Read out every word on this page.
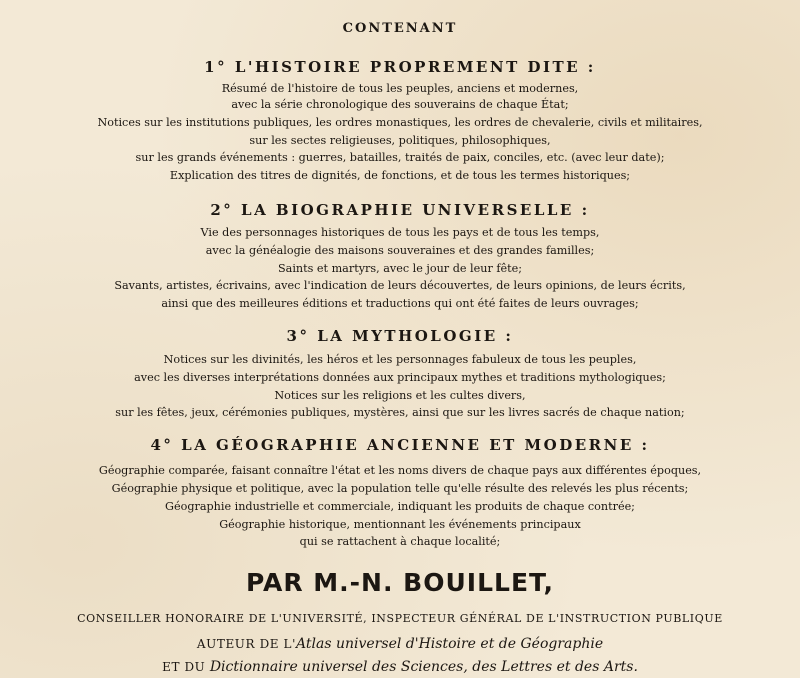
CONTENANT
1° L'HISTOIRE PROPREMENT DITE :
Résumé de l'histoire de tous les peuples, anciens et modernes,
avec la série chronologique des souverains de chaque État;
Notices sur les institutions publiques, les ordres monastiques, les ordres de chevalerie, civils et militaires,
sur les sectes religieuses, politiques, philosophiques,
sur les grands événements : guerres, batailles, traités de paix, conciles, etc. (avec leur date);
Explication des titres de dignités, de fonctions, et de tous les termes historiques;
2° LA BIOGRAPHIE UNIVERSELLE :
Vie des personnages historiques de tous les pays et de tous les temps,
avec la généalogie des maisons souveraines et des grandes familles;
Saints et martyrs, avec le jour de leur fête;
Savants, artistes, écrivains, avec l'indication de leurs découvertes, de leurs opinions, de leurs écrits,
ainsi que des meilleures éditions et traductions qui ont été faites de leurs ouvrages;
3° LA MYTHOLOGIE :
Notices sur les divinités, les héros et les personnages fabuleux de tous les peuples,
avec les diverses interprétations données aux principaux mythes et traditions mythologiques;
Notices sur les religions et les cultes divers,
sur les fêtes, jeux, cérémonies publiques, mystères, ainsi que sur les livres sacrés de chaque nation;
4° LA GÉOGRAPHIE ANCIENNE ET MODERNE :
Géographie comparée, faisant connaître l'état et les noms divers de chaque pays aux différentes époques,
Géographie physique et politique, avec la population telle qu'elle résulte des relevés les plus récents;
Géographie industrielle et commerciale, indiquant les produits de chaque contrée;
Géographie historique, mentionnant les événements principaux
qui se rattachent à chaque localité;
PAR M.-N. BOUILLET,
CONSEILLER HONORAIRE DE L'UNIVERSITÉ, INSPECTEUR GÉNÉRAL DE L'INSTRUCTION PUBLIQUE
AUTEUR DE L'Atlas universel d'Histoire et de Géographie
ET DU Dictionnaire universel des Sciences, des Lettres et des Arts.
